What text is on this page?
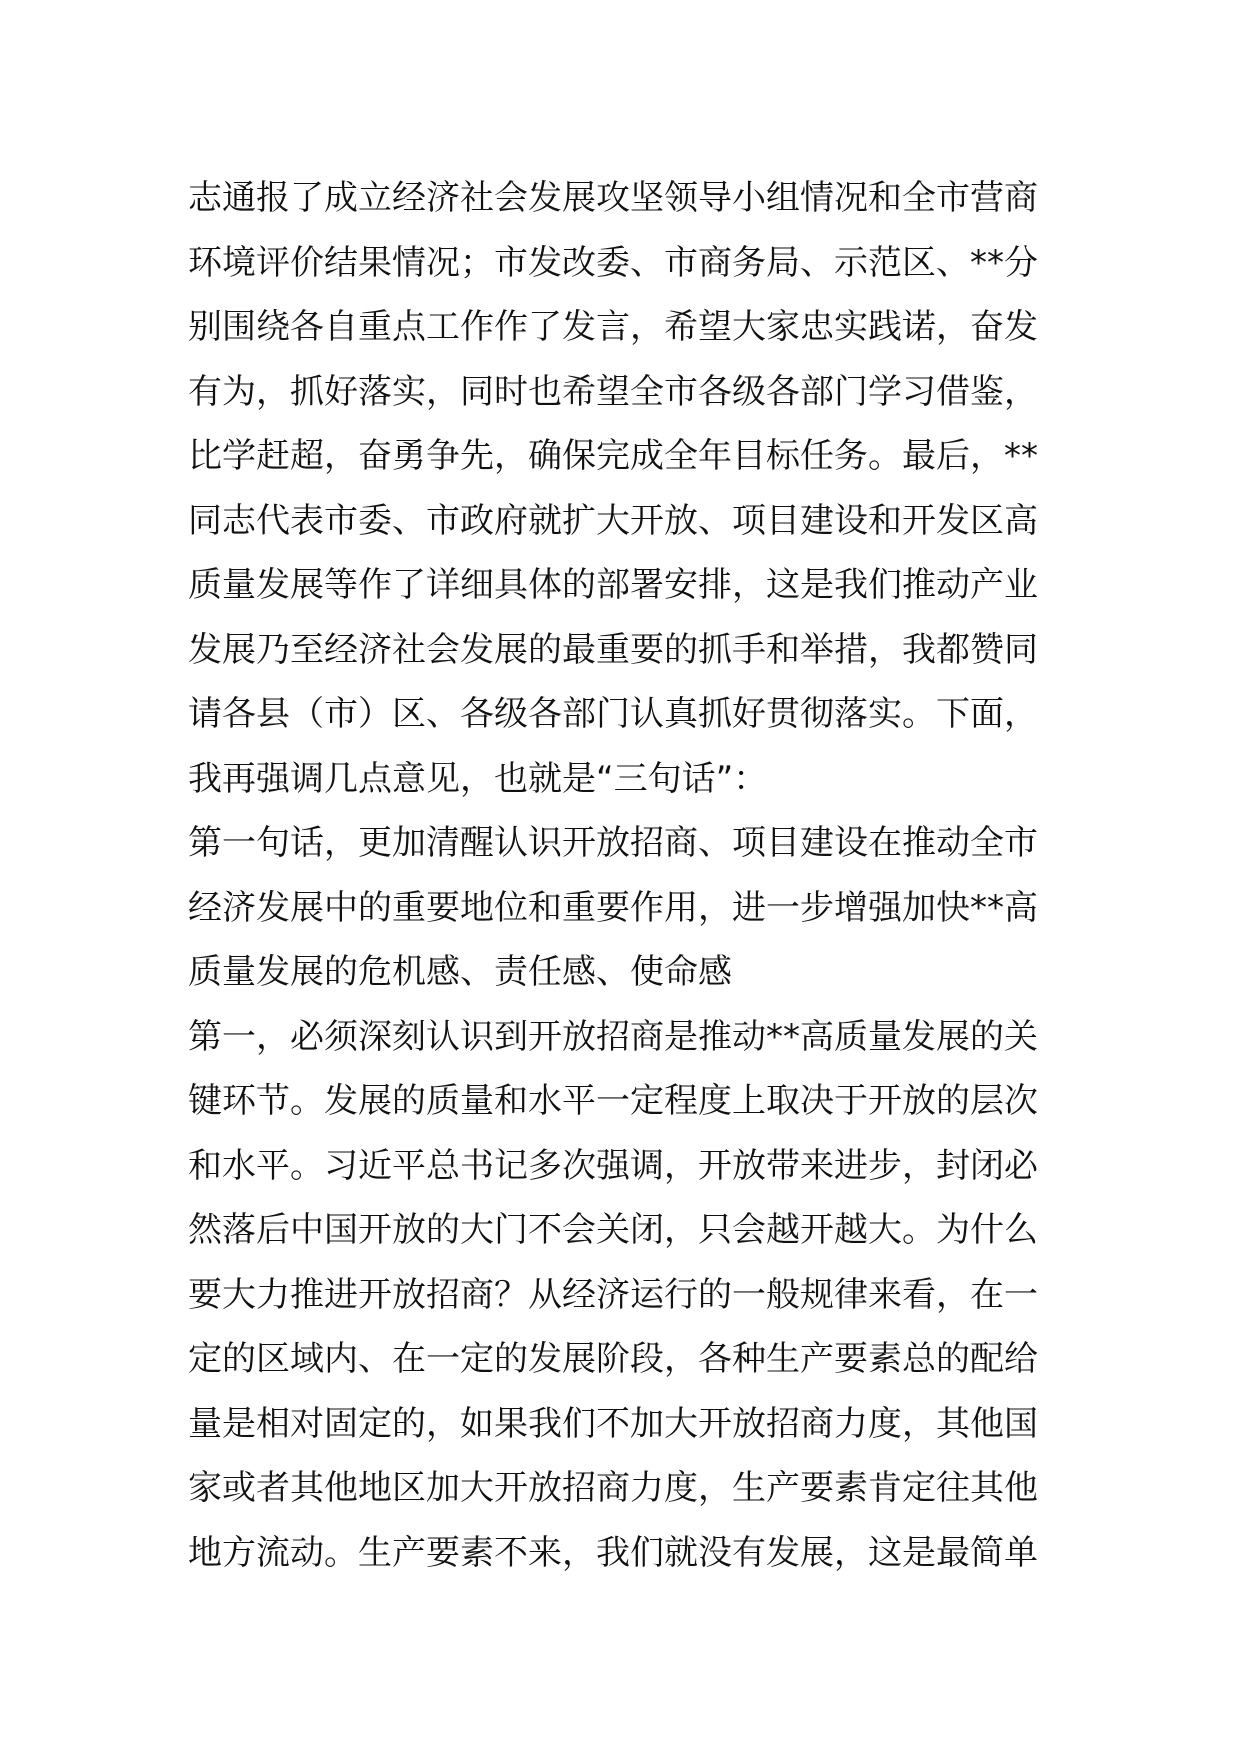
志通报了成立经济社会发展攻坚领导小组情况和全市营商
环境评价结果情况；市发改委、市商务局、示范区、**分
别围绕各自重点工作作了发言，希望大家忠实践诺，奋发
有为，抓好落实，同时也希望全市各级各部门学习借鉴，
比学赶超，奋勇争先，确保完成全年目标任务。最后，**
同志代表市委、市政府就扩大开放、项目建设和开发区高
质量发展等作了详细具体的部署安排，这是我们推动产业
发展乃至经济社会发展的最重要的抓手和举措，我都赞同
请各县（市）区、各级各部门认真抓好贯彻落实。下面，
我再强调几点意见，也就是“三句话”：
第一句话，更加清醒认识开放招商、项目建设在推动全市
经济发展中的重要地位和重要作用，进一步增强加快**高
质量发展的危机感、责任感、使命感
第一，必须深刻认识到开放招商是推动**高质量发展的关
键环节。发展的质量和水平一定程度上取决于开放的层次
和水平。习近平总书记多次强调，开放带来进步，封闭必
然落后中国开放的大门不会关闭，只会越开越大。为什么
要大力推进开放招商？从经济运行的一般规律来看，在一
定的区域内、在一定的发展阶段，各种生产要素总的配给
量是相对固定的，如果我们不加大开放招商力度，其他国
家或者其他地区加大开放招商力度，生产要素肯定往其他
地方流动。生产要素不来，我们就没有发展，这是最简单
